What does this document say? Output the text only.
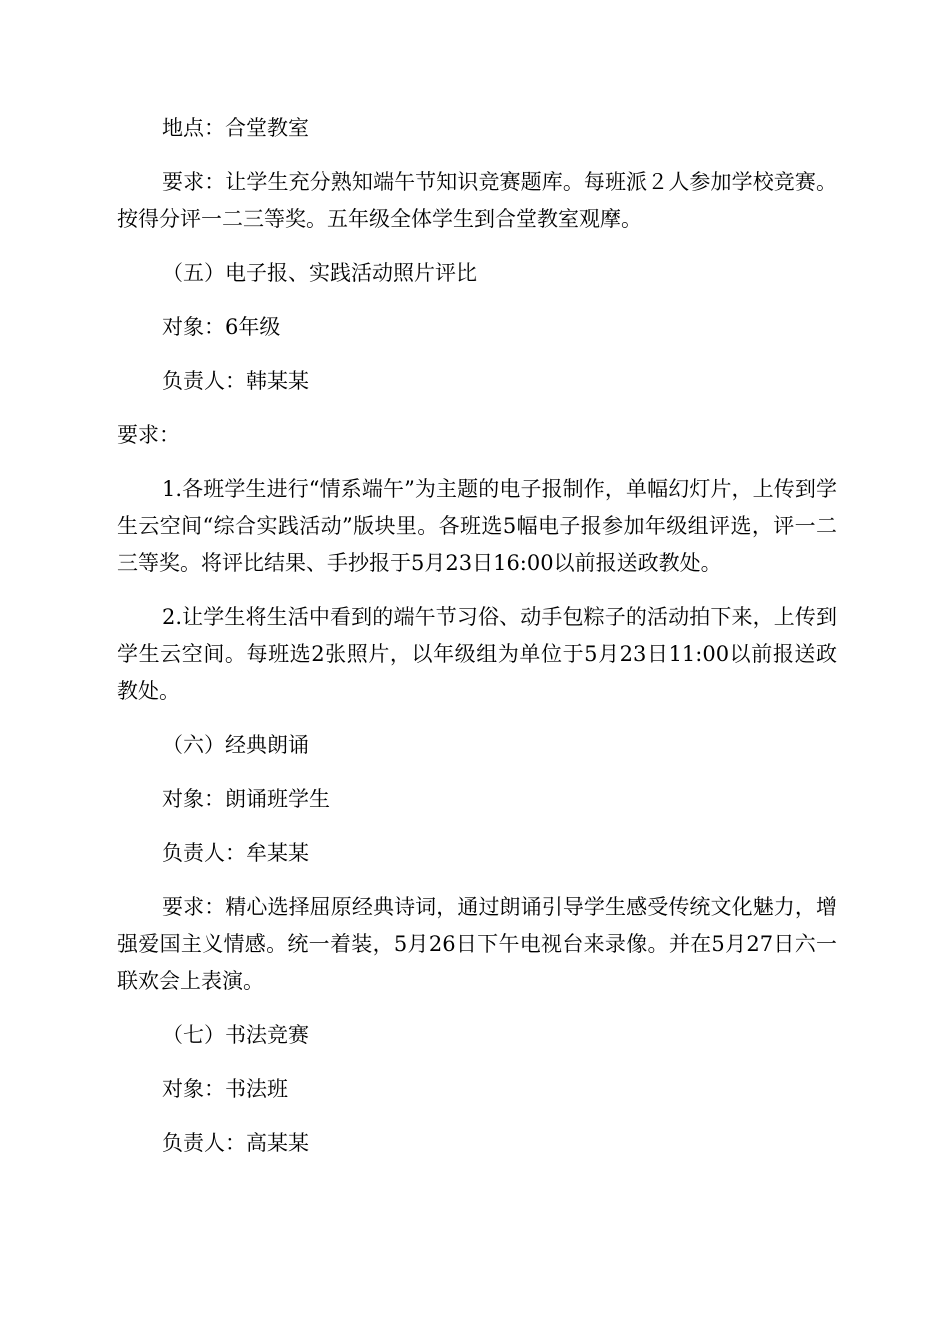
地点：合堂教室

要求：让学生充分熟知端午节知识竞赛题库。每班派２人参加学校竞赛。按得分评一二三等奖。五年级全体学生到合堂教室观摩。

（五）电子报、实践活动照片评比

对象：6年级

负责人：韩某某

要求：

1.各班学生进行“情系端午”为主题的电子报制作，单幅幻灯片，上传到学生云空间“综合实践活动”版块里。各班选5幅电子报参加年级组评选，评一二三等奖。将评比结果、手抄报于5月23日16:00以前报送政教处。

2.让学生将生活中看到的端午节习俗、动手包粽子的活动拍下来，上传到学生云空间。每班选2张照片，以年级组为单位于5月23日11:00以前报送政教处。

（六）经典朗诵

对象：朗诵班学生

负责人：牟某某

要求：精心选择屈原经典诗词，通过朗诵引导学生感受传统文化魅力，增强爱国主义情感。统一着装，5月26日下午电视台来录像。并在5月27日六一联欢会上表演。

（七）书法竞赛

对象：书法班

负责人：高某某
